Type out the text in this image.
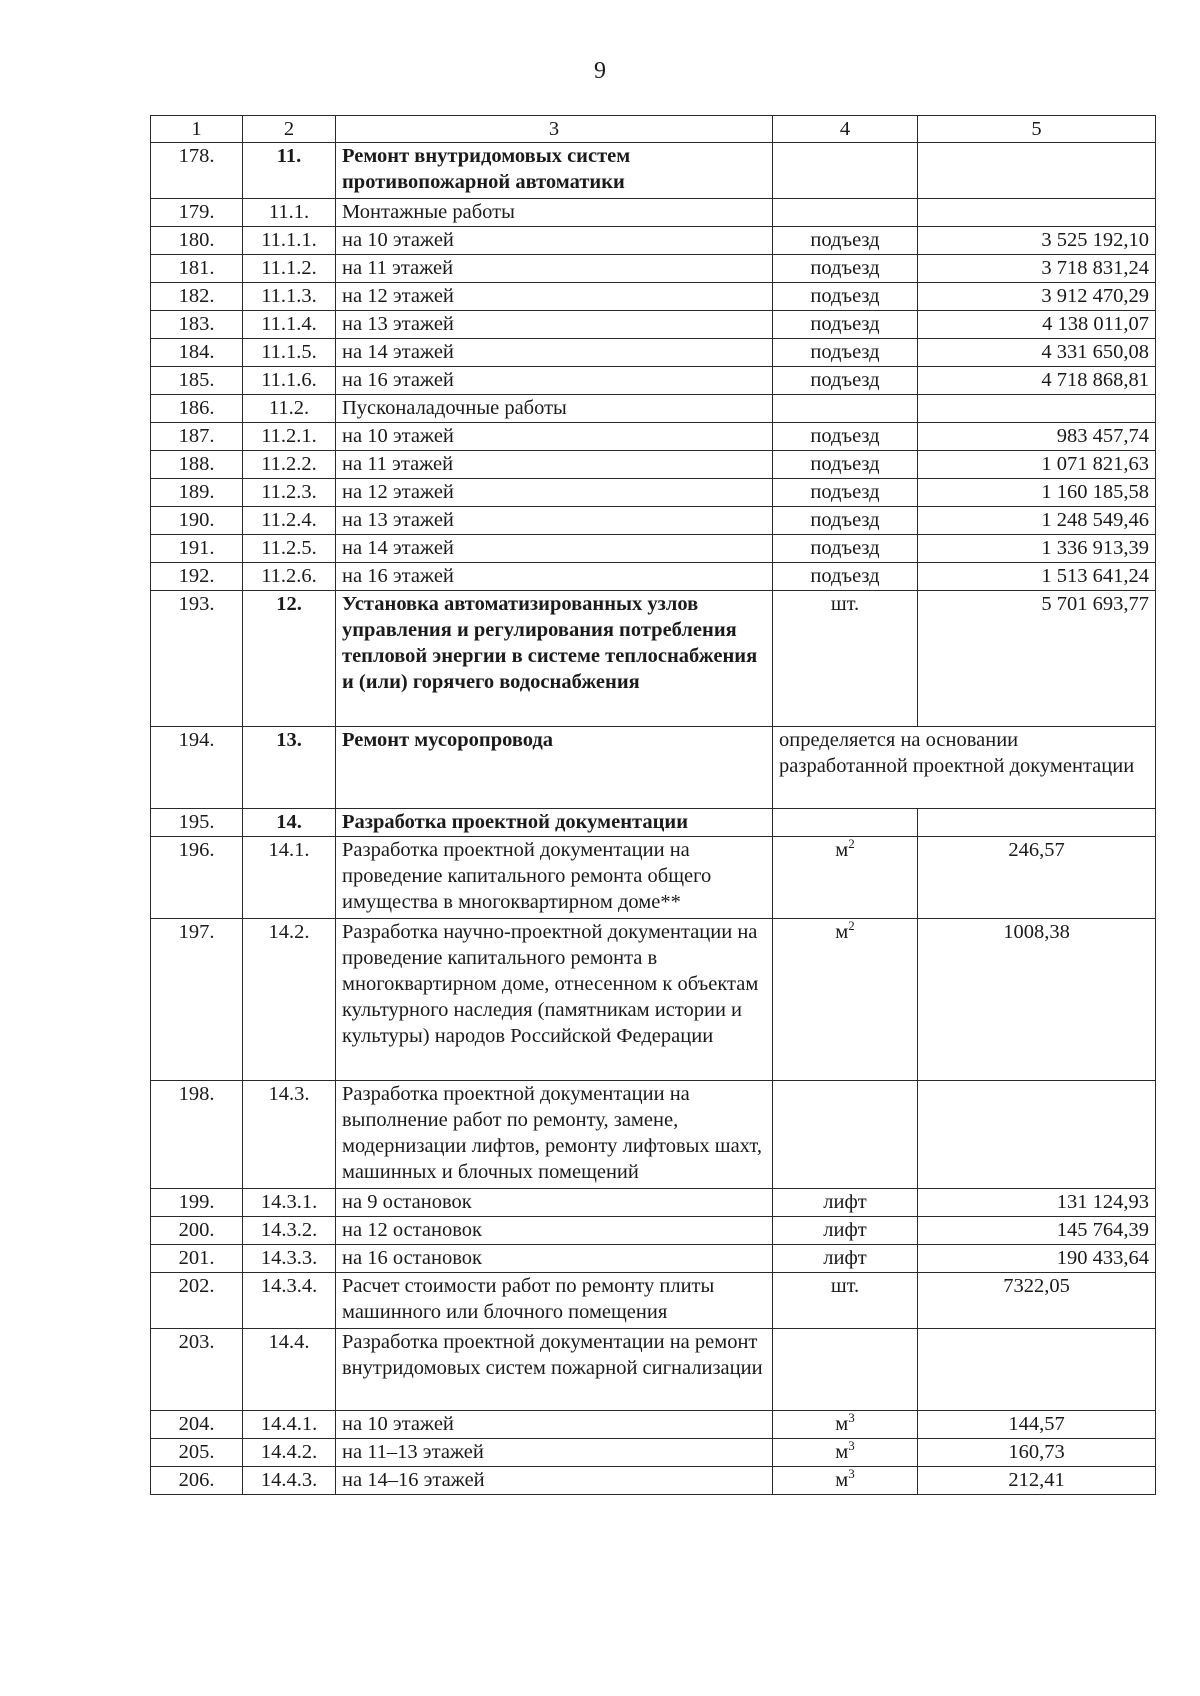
9
1	2	3	4	5
178.	11.	Ремонт внутридомовых систем противопожарной автоматики		
179.	11.1.	Монтажные работы		
180.	11.1.1.	на 10 этажей	подъезд	3 525 192,10
181.	11.1.2.	на 11 этажей	подъезд	3 718 831,24
182.	11.1.3.	на 12 этажей	подъезд	3 912 470,29
183.	11.1.4.	на 13 этажей	подъезд	4 138 011,07
184.	11.1.5.	на 14 этажей	подъезд	4 331 650,08
185.	11.1.6.	на 16 этажей	подъезд	4 718 868,81
186.	11.2.	Пусконаладочные работы		
187.	11.2.1.	на 10 этажей	подъезд	983 457,74
188.	11.2.2.	на 11 этажей	подъезд	1 071 821,63
189.	11.2.3.	на 12 этажей	подъезд	1 160 185,58
190.	11.2.4.	на 13 этажей	подъезд	1 248 549,46
191.	11.2.5.	на 14 этажей	подъезд	1 336 913,39
192.	11.2.6.	на 16 этажей	подъезд	1 513 641,24
193.	12.	Установка автоматизированных узлов управления и регулирования потребления тепловой энергии в системе теплоснабжения и (или) горячего водоснабжения	шт.	5 701 693,77
194.	13.	Ремонт мусоропровода	определяется на основании разработанной проектной документации	
195.	14.	Разработка проектной документации		
196.	14.1.	Разработка проектной документации на проведение капитального ремонта общего имущества в многоквартирном доме**	$м^2$	246,57
197.	14.2.	Разработка научно-проектной документации на проведение капитального ремонта в многоквартирном доме, отнесенном к объектам культурного наследия (памятникам истории и культуры) народов Российской Федерации	$м^2$	1008,38
198.	14.3.	Разработка проектной документации на выполнение работ по ремонту, замене, модернизации лифтов, ремонту лифтовых шахт, машинных и блочных помещений		
199.	14.3.1.	на 9 остановок	лифт	131 124,93
200.	14.3.2.	на 12 остановок	лифт	145 764,39
201.	14.3.3.	на 16 остановок	лифт	190 433,64
202.	14.3.4.	Расчет стоимости работ по ремонту плиты машинного или блочного помещения	шт.	7322,05
203.	14.4.	Разработка проектной документации на ремонт внутридомовых систем пожарной сигнализации		
204.	14.4.1.	на 10 этажей	$м^3$	144,57
205.	14.4.2.	на 11–13 этажей	$м^3$	160,73
206.	14.4.3.	на 14–16 этажей	$м^3$	212,41
